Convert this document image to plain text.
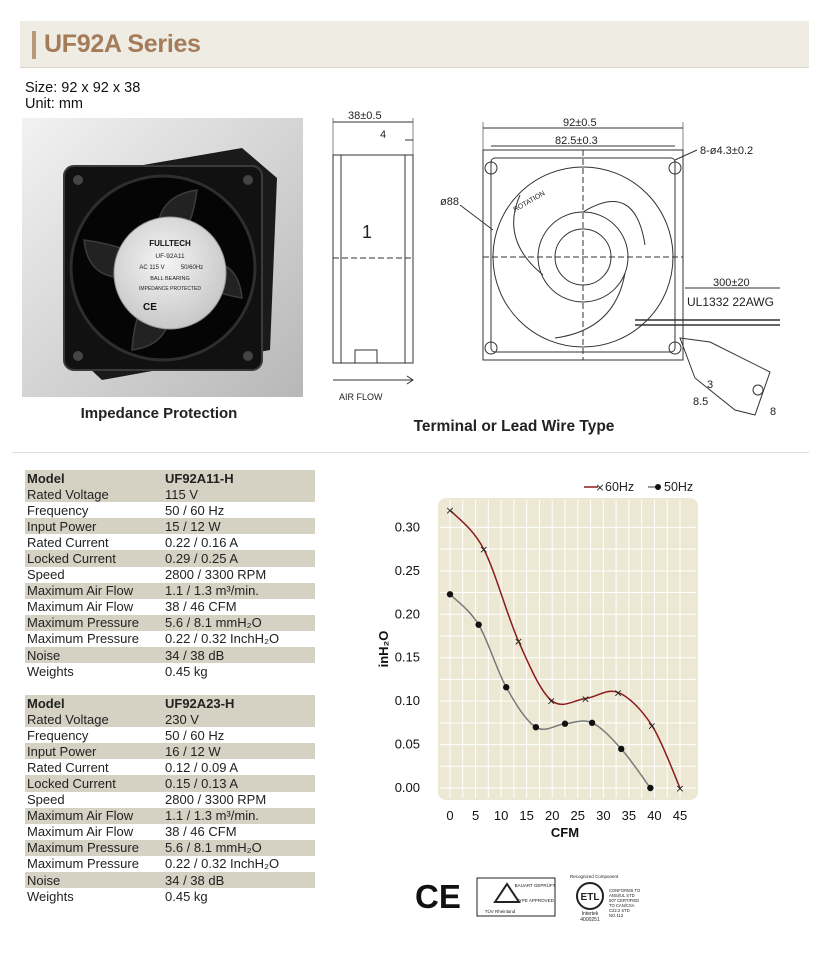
UF92A Series
Size: 92 x 92 x 38
Unit: mm
FULLTECH
UF-92A11
AC 115 V	50/60Hz
BALL BEARING
IMPEDANCE PROTECTED
CE
Impedance Protection
38±0.5
4
1
AIR FLOW
92±0.5
82.5±0.3
8-ø4.3±0.2
ø88	ROTATION
300±20
UL1332 22AWG
8.5
3
8
Terminal or Lead Wire Type
Model	UF92A11-H
Rated Voltage	115 V
Frequency	50 / 60 Hz
Input Power	15 / 12 W
Rated Current	0.22 / 0.16 A
Locked Current	0.29 / 0.25 A
Speed	2800 / 3300 RPM
Maximum Air Flow	1.1 / 1.3 m³/min.
Maximum Air Flow	38 / 46 CFM
Maximum Pressure	5.6 / 8.1 mmH₂O
Maximum Pressure	0.22 / 0.32 InchH₂O
Noise	34 / 38 dB
Weights	0.45 kg
Model	UF92A23-H
Rated Voltage	230 V
Frequency	50 / 60 Hz
Input Power	16 / 12 W
Rated Current	0.12 / 0.09 A
Locked Current	0.15 / 0.13 A
Speed	2800 / 3300 RPM
Maximum Air Flow	1.1 / 1.3 m³/min.
Maximum Air Flow	38 / 46 CFM
Maximum Pressure	5.6 / 8.1 mmH₂O
Maximum Pressure	0.22 / 0.32 InchH₂O
Noise	34 / 38 dB
Weights	0.45 kg
0.00
0.05
0.10
0.15
0.20
0.25
0.30
0 5 10 15 20 25 30 35 40 45
×
×
×
× × ×
×
×
inH₂O
CFM
× 60Hz 50Hz
CE	BAUART GEPRÜFT
TYPE APPROVED
TÜV Rheinland
Recognized Component
ETL
Intertek
4000251
CONFORMS TO ANSI/UL STD 507 CERTIFIED TO CAN/CSA C22.2 STD NO.113
